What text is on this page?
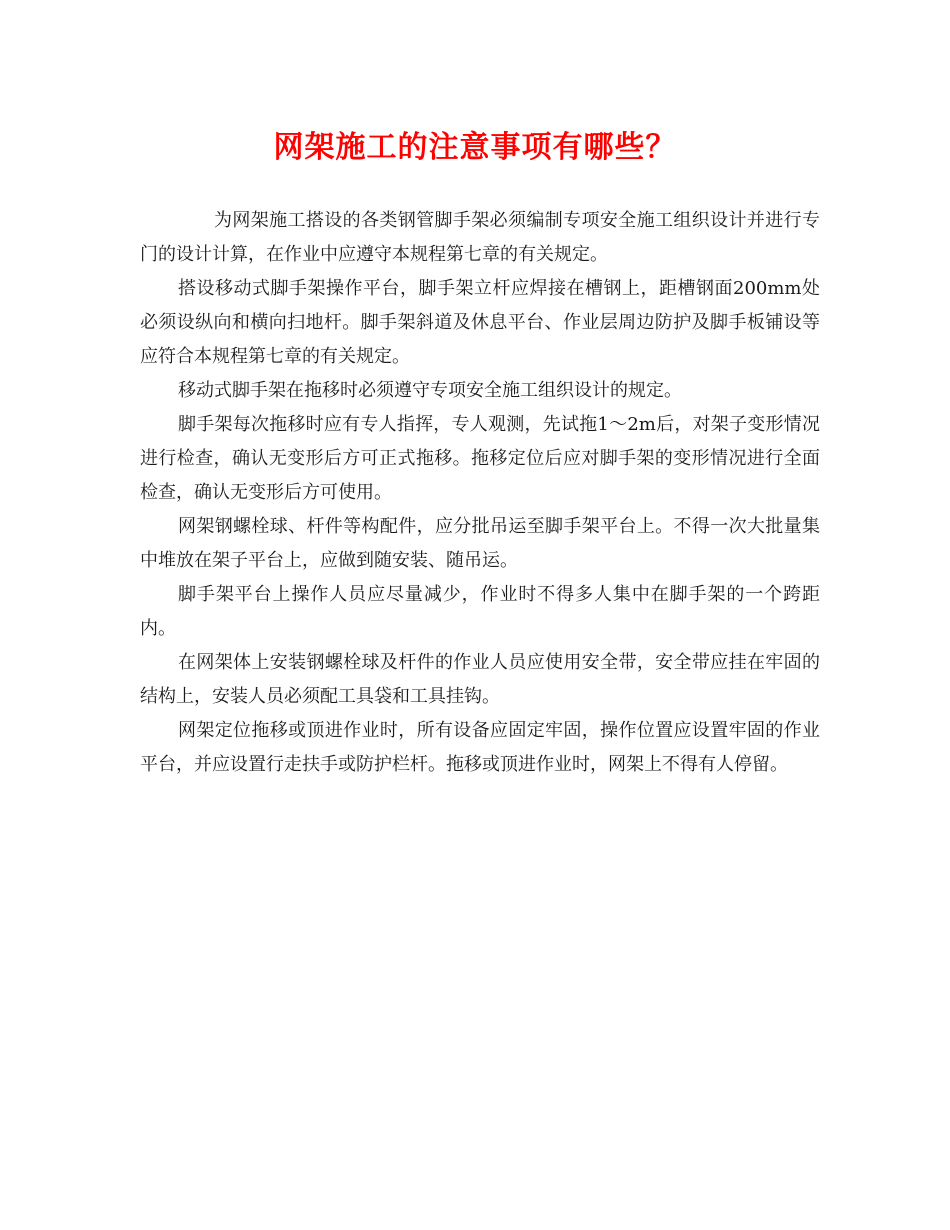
网架施工的注意事项有哪些？

为网架施工搭设的各类钢管脚手架必须编制专项安全施工组织设计并进行专门的设计计算，在作业中应遵守本规程第七章的有关规定。

搭设移动式脚手架操作平台，脚手架立杆应焊接在槽钢上，距槽钢面200mm处必须设纵向和横向扫地杆。脚手架斜道及休息平台、作业层周边防护及脚手板铺设等应符合本规程第七章的有关规定。

移动式脚手架在拖移时必须遵守专项安全施工组织设计的规定。

脚手架每次拖移时应有专人指挥，专人观测，先试拖1～2m后，对架子变形情况进行检查，确认无变形后方可正式拖移。拖移定位后应对脚手架的变形情况进行全面检查，确认无变形后方可使用。

网架钢螺栓球、杆件等构配件，应分批吊运至脚手架平台上。不得一次大批量集中堆放在架子平台上，应做到随安装、随吊运。

脚手架平台上操作人员应尽量减少，作业时不得多人集中在脚手架的一个跨距内。

在网架体上安装钢螺栓球及杆件的作业人员应使用安全带，安全带应挂在牢固的结构上，安装人员必须配工具袋和工具挂钩。

网架定位拖移或顶进作业时，所有设备应固定牢固，操作位置应设置牢固的作业平台，并应设置行走扶手或防护栏杆。拖移或顶进作业时，网架上不得有人停留。
